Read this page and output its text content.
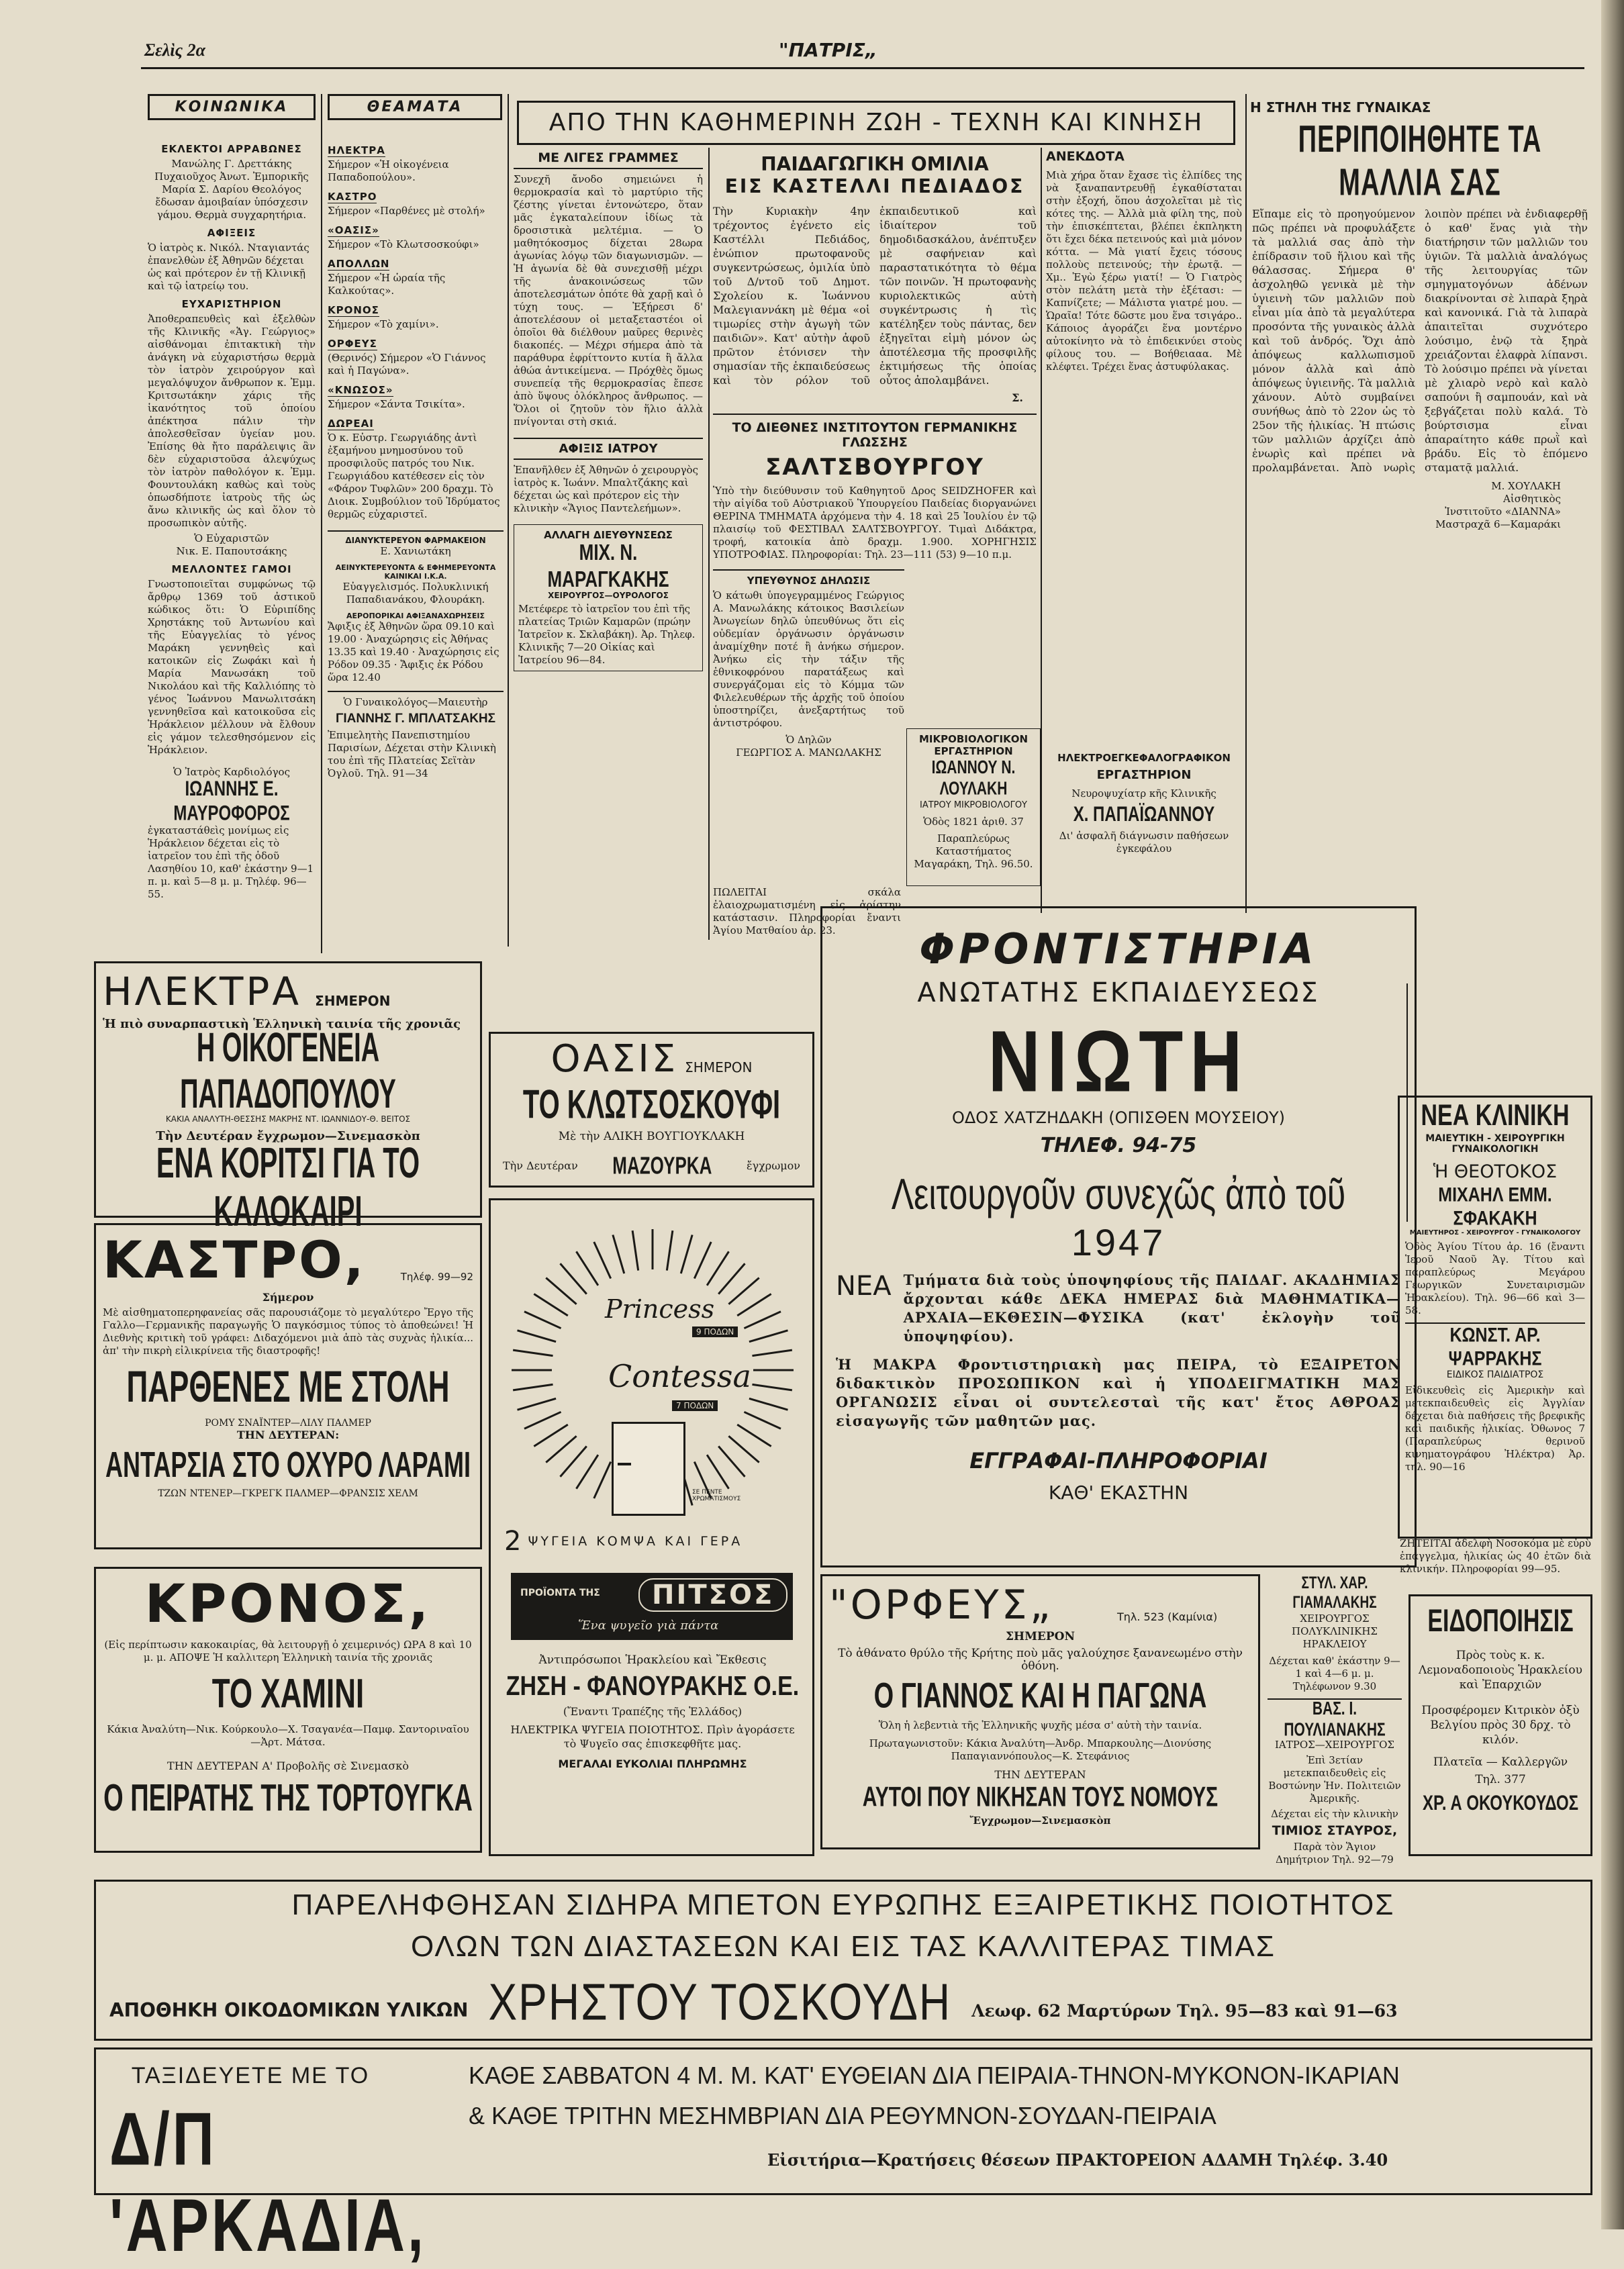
Σελὶς 2α	"ΠΑΤΡΙΣ„
ΚΟΙΝΩΝΙΚΑ	ΘΕΑΜΑΤΑ
ΑΠΟ ΤΗΝ ΚΑΘΗΜΕΡΙΝΗ ΖΩΗ - ΤΕΧΝΗ ΚΑΙ ΚΙΝΗΣΗ
Η ΣΤΗΛΗ ΤΗΣ ΓΥΝΑΙΚΑΣ
ΕΚΛΕΚΤΟΙ ΑΡΡΑΒΩΝΕΣ

Μανώλης Γ. Δρεττάκης Πυχαιοῦχος Ἀνωτ. Ἐμπορικῆς Μαρία Σ. Δαρίου Θεολόγος ἔδωσαν ἀμοιβαίαν ὑπόσχεσιν γάμου. Θερμὰ συγχαρητήρια.

ΑΦΙΞΕΙΣ

Ὁ ἰατρὸς κ. Νικόλ. Νταγιαντάς ἐπανελθὼν ἐξ Ἀθηνῶν δέχεται ὡς καὶ πρότερον ἐν τῇ Κλινικῇ καὶ τῷ ἰατρείῳ του.

ΕΥΧΑΡΙΣΤΗΡΙΟΝ

Ἀποθεραπευθεὶς καὶ ἐξελθὼν τῆς Κλινικῆς «Ἁγ. Γεώργιος» αἰσθάνομαι ἐπιτακτικὴ τὴν ἀνάγκη νὰ εὐχαριστήσω θερμὰ τὸν ἰατρὸν χειρούργον καὶ μεγαλόψυχον ἄνθρωπον κ. Ἐμμ. Κριτσωτάκην χάρις τῆς ἱκανότητος τοῦ ὁποίου ἀπέκτησα πάλιν τὴν ἀπολεσθεῖσαν ὑγείαν μου. Ἐπίσης θὰ ἤτο παράλειψις ἂν δὲν εὐχαριστοῦσα ἀλεψύχως τὸν ἰατρὸν παθολόγον κ. Ἐμμ. Φουντουλάκη καθὼς καὶ τοὺς ὁπωσδήποτε ἰατροὺς τῆς ὡς ἄνω κλινικῆς ὡς καὶ ὅλον τὸ προσωπικὸν αὐτῆς.

Ὁ Εὐχαριστῶν
Νικ. Ε. Παπουτσάκης

ΜΕΛΛΟΝΤΕΣ ΓΑΜΟΙ

Γνωστοποιεῖται συμφώνως τῷ ἄρθρῳ 1369 τοῦ ἀστικοῦ κώδικος ὅτι: Ὁ Εὐριπίδης Χρηστάκης τοῦ Ἀντωνίου καὶ τῆς Εὐαγγελίας τὸ γένος Μαράκη γεννηθεὶς καὶ κατοικῶν εἰς Ζωφάκι καὶ ἡ Μαρία Μανωσάκη τοῦ Νικολάου καὶ τῆς Καλλιόπης τὸ γένος Ἰωάννου Μανωλιτσάκη γεννηθεῖσα καὶ κατοικοῦσα εἰς Ἡράκλειον μέλλουν νὰ ἔλθουν εἰς γάμον τελεσθησόμενον εἰς Ἡράκλειον.

Ὁ Ἰατρὸς Καρδιολόγος

ΙΩΑΝΝΗΣ Ε. ΜΑΥΡΟΦΟΡΟΣ

ἐγκαταστάθεὶς μονίμως εἰς Ἡράκλειον δέχεται εἰς τὸ ἰατρεῖον του ἐπὶ τῆς ὁδοῦ Λασηθίου 10, καθ' ἑκάστην 9—1 π. μ. καὶ 5—8 μ. μ. Τηλέφ. 96—55.

ΗΛΕΚΤΡΑ

Σήμερον «Ἡ οἰκογένεια Παπαδοπούλου».

ΚΑΣΤΡΟ

Σήμερον «Παρθένες μὲ στολή»

«ΟΑΣΙΣ»

Σήμερον «Τὸ Κλωτσοσκούφι»

ΑΠΟΛΛΩΝ

Σήμερον «Ἡ ὡραία τῆς Καλκούτας».

ΚΡΟΝΟΣ

Σήμερον «Τὸ χαμίνι».

ΟΡΦΕΥΣ

(Θερινός) Σήμερον «Ὁ Γιάννος καὶ ἡ Παγώνα».

«ΚΝΩΣΟΣ»

Σήμερον «Σάντα Τσικίτα».

ΔΩΡΕΑΙ

Ὁ κ. Εὐστρ. Γεωργιάδης ἀντὶ ἐξαμήνου μνημοσύνου τοῦ προσφιλοῦς πατρός του Νικ. Γεωργιάδου κατέθεσεν εἰς τὸν «Φάρον Τυφλῶν» 200 δραχμ. Τὸ Διοικ. Συμβούλιον τοῦ Ἱδρύματος θερμῶς εὐχαριστεῖ.

ΔΙΑΝΥΚΤΕΡΕΥΟΝ ΦΑΡΜΑΚΕΙΟΝ
Ε. Χανιωτάκη
ΑΕΙΝΥΚΤΕΡΕΥΟΝΤΑ & ΕΦΗΜΕΡΕΥΟΝΤΑ ΚΑΙΝΙΚΑΙ Ι.Κ.Α.
Εὐαγγελισμός. Πολυκλινική Παπαδιανάκου, Φλουράκη.
ΑΕΡΟΠΟΡΙΚΑΙ ΑΦΙΞΑΝΑΧΩΡΗΣΕΙΣ
Ἄφιξις ἐξ Ἀθηνῶν ὥρα 09.10 καὶ 19.00 · Ἀναχώρησις εἰς Ἀθήνας 13.35 καὶ 19.40 · Ἀναχώρησις εἰς Ρόδον 09.35 · Ἄφιξις ἐκ Ρόδου ὥρα 12.40
Ὁ Γυναικολόγος—Μαιευτὴρ
ΓΙΑΝΝΗΣ Γ. ΜΠΛΑΤΣΑΚΗΣ
Ἐπιμελητὴς Πανεπιστημίου Παρισίων, Δέχεται στὴν Κλινικὴ του ἐπὶ τῆς Πλατείας Σεϊτὰν Ὀγλοῦ. Τηλ. 91—34
ΜΕ ΛΙΓΕΣ ΓΡΑΜΜΕΣ

Συνεχῆ ἄνοδο σημειώνει ἡ θερμοκρασία καὶ τὸ μαρτύριο τῆς ζέστης γίνεται ἐντονώτερο, ὅταν μᾶς ἐγκαταλείπουν ἰδίως τὰ δροσιστικὰ μελτέμια. — Ὁ μαθητόκοσμος δίχεται 28ωρα ἀγωνίας λόγῳ τῶν διαγωνισμῶν. — Ἡ ἀγωνία δὲ θὰ συνεχισθῇ μέχρι τῆς ἀνακοινώσεως τῶν ἀποτελεσμάτων ὁπότε θὰ χαρῇ καὶ ὁ τύχη τους. — Ἐξήρεσι δ' ἀποτελέσουν οἱ μεταξεταστέοι οἱ ὁποῖοι θὰ διέλθουν μαῦρες θερινὲς διακοπές. — Μέχρι σήμερα ἀπὸ τὰ παράθυρα ἐφρίττοντο κυτία ἢ ἄλλα ἀθώα ἀντικείμενα. — Πρόχθὲς ὅμως συνεπείᾳ τῆς θερμοκρασίας ἔπεσε ἀπὸ ὕψους ὁλόκληρος ἄνθρωπος. — Ὅλοι οἱ ζητοῦν τὸν ἥλιο ἀλλὰ πνίγονται στὴ σκιά.

ΑΦΙΞΙΣ ΙΑΤΡΟΥ

Ἐπανῆλθεν ἐξ Ἀθηνῶν ὁ χειρουργὸς ἰατρὸς κ. Ἰωάνν. Μπαλτζάκης καὶ δέχεται ὡς καὶ πρότερον εἰς τὴν κλινικὴν «Ἅγιος Παντελεήμων».

ΑΛΛΑΓΗ ΔΙΕΥΘΥΝΣΕΩΣ
ΜΙΧ. Ν. ΜΑΡΑΓΚΑΚΗΣ
ΧΕΙΡΟΥΡΓΟΣ—ΟΥΡΟΛΟΓΟΣ

Μετέφερε τὸ ἰατρεῖον του ἐπὶ τῆς πλατείας Τριῶν Καμαρῶν (πρώην Ἰατρεῖον κ. Σκλαβάκη). Ἀρ. Τηλεφ. Κλινικῆς 7—20 Οἰκίας καὶ Ἰατρείου 96—84.

ΠΑΙΔΑΓΩΓΙΚΗ ΟΜΙΛΙΑ
ΕΙΣ ΚΑΣΤΕΛΛΙ ΠΕΔΙΑΔΟΣ

Τὴν Κυριακὴν 4ην τρέχοντος ἐγένετο εἰς Καστέλλι Πεδιάδος, ἐνώπιον πρωτοφανοῦς συγκεντρώσεως, ὁμιλία ὑπὸ τοῦ Δ/ντοῦ τοῦ Δημοτ. Σχολείου κ. Ἰωάννου Μαλεγιαννάκη μὲ θέμα «οἱ τιμωρίες στὴν ἀγωγὴ τῶν παιδιῶν». Κατ' αὐτὴν ἀφοῦ πρῶτον ἐτόνισεν τὴν σημασίαν τῆς ἐκπαιδεύσεως καὶ τὸν ρόλον τοῦ ἐκπαιδευτικοῦ καὶ ἰδιαίτερον τοῦ δημοδιδασκάλου, ἀνέπτυξεν μὲ σαφήνειαν καὶ παραστατικότητα τὸ θέμα τῶν ποινῶν. Ἡ πρωτοφανὴς κυριολεκτικῶς αὐτὴ συγκέντρωσις ἡ τὶς κατέληξεν τοὺς πάντας, δεν ἐξηγεῖται εἰμὴ μόνον ὡς ἀποτέλεσμα τῆς προσφιλῆς ἐκτιμήσεως τῆς ὁποίας οὗτος ἀπολαμβάνει.

Σ.
ΤΟ ΔΙΕΘΝΕΣ ΙΝΣΤΙΤΟΥΤΟΝ ΓΕΡΜΑΝΙΚΗΣ ΓΛΩΣΣΗΣ
ΣΑΛΤΣΒΟΥΡΓΟΥ

Ὑπὸ τὴν διεύθυνσιν τοῦ Καθηγητοῦ Δρος SEIDZHOFER καὶ τὴν αἰγίδα τοῦ Αὐστριακοῦ Ὑπουργείου Παιδείας διοργανώνει ΘΕΡΙΝΑ ΤΜΗΜΑΤΑ ἀρχόμενα τὴν 4. 18 καὶ 25 Ἰουλίου ἐν τῷ πλαισίῳ τοῦ ΦΕΣΤΙΒΑΛ ΣΑΛΤΣΒΟΥΡΓΟΥ. Τιμαὶ Διδάκτρα, τροφή, κατοικία ἀπὸ δραχμ. 1.900. ΧΟΡΗΓΗΣΙΣ ΥΠΟΤΡΟΦΙΑΣ. Πληροφορίαι: Τηλ. 23—111 (53) 9—10 π.μ.

ΥΠΕΥΘΥΝΟΣ ΔΗΛΩΣΙΣ

Ὁ κάτωθι ὑπογεγραμμένος Γεώργιος Α. Μανωλάκης κάτοικος Βασιλείων Ἀνωγείων δηλῶ ὑπευθύνως ὅτι εἰς οὐδεμίαν ὀργάνωσιν ὀργάνωσιν ἀναμίχθην ποτέ ἢ ἀνήκω σήμερον. Ἀνήκω εἰς τὴν τάξιν τῆς ἐθνικοφρόνου παρατάξεως καὶ συνεργάζομαι εἰς τὸ Κόμμα τῶν Φιλελευθέρων τῆς ἀρχῆς τοῦ ὁποίου ὑποστηρίζει, ἀνεξαρτήτως τοῦ ἀντιστρόφου.

Ὁ Δηλῶν
ΓΕΩΡΓΙΟΣ Α. ΜΑΝΩΛΑΚΗΣ

ΑΝΕΚΔΟΤΑ

Μιὰ χήρα ὅταν ἔχασε τὶς ἐλπίδες της νὰ ξαναπαντρευθῇ ἐγκαθίσταται στὴν ἐξοχή, ὅπου ἀσχολεῖται μὲ τὶς κότες της. — Ἀλλὰ μιὰ φίλη της, ποὺ τὴν ἐπισκέπτεται, βλέπει ἐκπληκτη ὅτι ἔχει δέκα πετεινούς καὶ μιὰ μόνον κόττα. — Μὰ γιατί ἔχεις τόσους πολλοὺς πετεινούς; τὴν ἐρωτᾷ. — Χμ.. Ἐγὼ ξέρω γιατί! — Ὁ Γιατρὸς στὸν πελάτη μετὰ τὴν ἐξέτασι: — Καπνίζετε; — Μάλιστα γιατρέ μου. — Ὡραῖα! Τότε δῶστε μου ἕνα τσιγάρο.. Κάποιος ἀγοράζει ἕνα μοντέρνο αὐτοκίνητο νὰ τὸ ἐπιδεικνύει στοὺς φίλους του. — Βοήθειααα. Μὲ κλέφτει. Τρέχει ἕνας ἀστυφύλακας.

ΜΙΚΡΟΒΙΟΛΟΓΙΚΟΝ ΕΡΓΑΣΤΗΡΙΟΝ
ΙΩΑΝΝΟΥ Ν. ΛΟΥΛΑΚΗ
ΙΑΤΡΟΥ ΜΙΚΡΟΒΙΟΛΟΓΟΥ
Ὁδὸς 1821 ἀριθ. 37
Παραπλεύρως Καταστήματος Μαγαράκη, Τηλ. 96.50.
ΗΛΕΚΤΡΟΕΓΚΕΦΑΛΟΓΡΑΦΙΚΟΝ
ΕΡΓΑΣΤΗΡΙΟΝ
Νευροψυχίατρ κῆς Κλινικῆς
Χ. ΠΑΠΑΪΩΑΝΝΟΥ
Δι' ἀσφαλῆ διάγνωσιν παθήσεων ἐγκεφάλου

ΠΩΛΕΙΤΑΙ σκάλα ἐλαιοχρωματισμένη εἰς ἀρίστην κατάστασιν. Πληροφορίαι ἔναντι Ἁγίου Ματθαίου ἀρ. 23.

ΠΕΡΙΠΟΙΗΘΗΤΕ ΤΑ ΜΑΛΛΙΑ ΣΑΣ

Εἴπαμε εἰς τὸ προηγούμενον πῶς πρέπει νὰ προφυλάξετε τὰ μαλλιά σας ἀπὸ τὴν ἐπίδρασιν τοῦ ἥλιου καὶ τῆς θάλασσας. Σήμερα θ' ἀσχοληθῶ γενικὰ μὲ τὴν ὑγιεινὴ τῶν μαλλιῶν ποὺ εἶναι μία ἀπὸ τὰ μεγαλύτερα προσόντα τῆς γυναικὸς ἀλλὰ καὶ τοῦ ἀνδρός. Ὅχι ἀπὸ ἀπόψεως καλλωπισμοῦ μόνον ἀλλὰ καὶ ἀπὸ ἀπόψεως ὑγιεινῆς. Τὰ μαλλιὰ χάνουν. Αὐτὸ συμβαίνει συνήθως ἀπὸ τὸ 22ον ὡς τὸ 25ον τῆς ἡλικίας. Ἡ πτώσις τῶν μαλλιῶν ἀρχίζει ἀπὸ ἐνωρὶς καὶ πρέπει νὰ προλαμβάνεται. Ἀπὸ νωρὶς λοιπὸν πρέπει νὰ ἐνδιαφερθῇ ὁ καθ' ἕνας γιὰ τὴν διατήρησιν τῶν μαλλιῶν του ὑγιῶν. Τὰ μαλλιὰ ἀναλόγως τῆς λειτουργίας τῶν σμηγματογόνων ἀδένων διακρίνονται σὲ λιπαρὰ ξηρὰ καὶ κανονικά. Γιὰ τὰ λιπαρὰ ἀπαιτεῖται συχνότερο λούσιμο, ἐνῷ τὰ ξηρὰ χρειάζονται ἐλαφρὰ λίπανσι. Τὸ λούσιμο πρέπει νὰ γίνεται μὲ χλιαρὸ νερὸ καὶ καλὸ σαπούνι ἢ σαμπουάν, καὶ νὰ ξεβγάζεται πολὺ καλά. Τὸ βούρτσισμα εἶναι ἀπαραίτητο κάθε πρωῒ καὶ βράδυ. Εἰς τὸ ἑπόμενο σταματᾷ μαλλιά.

Μ. ΧΟΥΛΑΚΗ
Αἰσθητικὸς
Ἰνστιτοῦτο «ΔΙΑΝΝΑ»
Μαστραχᾶ 6—Καμαράκι

ΗΛΕΚΤΡΑ ΣΗΜΕΡΟΝ
Ἡ πιὸ συναρπαστικὴ Ἑλληνικὴ ταινία τῆς χρονιᾶς
Η ΟΙΚΟΓΕΝΕΙΑ ΠΑΠΑΔΟΠΟΥΛΟΥ
ΚΑΚΙΑ ΑΝΑΛΥΤΗ-ΘΕΣΣΗΣ ΜΑΚΡΗΣ ΝΤ. ΙΩΑΝΝΙΔΟΥ-Θ. ΒΕΙΤΟΣ
Τὴν Δευτέραν ἔγχρωμον—Σινεμασκὸπ
ΕΝΑ ΚΟΡΙΤΣΙ ΓΙΑ ΤΟ ΚΑΛΟΚΑΙΡΙ
ΟΑΣΙΣ ΣΗΜΕΡΟΝ
ΤΟ ΚΛΩΤΣΟΣΚΟΥΦΙ
Μὲ τὴν ΑΛΙΚΗ ΒΟΥΓΙΟΥΚΛΑΚΗ
Τὴν Δευτέραν ΜΑΖΟΥΡΚΑ	ἔγχρωμον
ΚΑΣΤΡΟ,	Τηλέφ. 99—92
Σήμερον

Μὲ αἰσθηματοπερηφανείας σᾶς παρουσιάζομε τὸ μεγαλύτερο Ἔργο τῆς Γαλλο—Γερμανικῆς παραγωγῆς Ὁ παγκόσμιος τύπος τὸ ἀποθεώνει! Ἡ Διεθνὴς κριτικὴ τοῦ γράφει: Διδαχόμενοι μιὰ ἀπὸ τὰς συχνὰς ἠλικία... ἀπ' τὴν πικρὴ εἰλικρίνεια τῆς διαστροφῆς!

ΠΑΡΘΕΝΕΣ ΜΕ ΣΤΟΛΗ
ΡΟΜΥ ΣΝΑΪΝΤΕΡ—ΛΙΛΥ ΠΑΛΜΕΡ
ΤΗΝ ΔΕΥΤΕΡΑΝ:
ΑΝΤΑΡΣΙΑ ΣΤΟ ΟΧΥΡΟ ΛΑΡΑΜΙ
ΤΖΩΝ ΝΤΕΝΕΡ—ΓΚΡΕΓΚ ΠΑΛΜΕΡ—ΦΡΑΝΣΙΣ ΧΕΛΜ
ΚΡΟΝΟΣ,

(Εἰς περίπτωσιν κακοκαιρίας, θὰ λειτουργῇ ὁ χειμερινός) ΩΡΑ 8 καὶ 10 μ. μ. ΑΠΟΨΕ Ἡ καλλιτερη Ἑλληνικὴ ταινία τῆς χρονιᾶς

ΤΟ ΧΑΜΙΝΙ
Κάκια Ἀναλύτη—Νικ. Κούρκουλο—Χ. Τσαγανέα—Παμφ. Σαντοριναῖου—Ἀρτ. Μάτσα.
ΤΗΝ ΔΕΥΤΕΡΑΝ Α' Προβολῆς σὲ Σινεμασκὸ
Ο ΠΕΙΡΑΤΗΣ ΤΗΣ ΤΟΡΤΟΥΓΚΑ
Princess
9 ΠΟΔΩΝ
Contessa
7 ΠΟΔΩΝ
ΣΕ ΠΕΝΤΕ ΧΡΩΜΑΤΙΣΜΟΥΣ
2 ΨΥΓΕΙΑ ΚΟΜΨΑ ΚΑΙ ΓΕΡΑ
ΠΡΟΪΟΝΤΑ ΤΗΣ	ΠΙΤΣΟΣ
Ἕνα ψυγεῖο γιὰ πάντα
Ἀντιπρόσωποι Ἡρακλείου καὶ Ἔκθεσις
ΖΗΣΗ - ΦΑΝΟΥΡΑΚΗΣ Ο.Ε.
(Ἔναντι Τραπέζης τῆς Ἑλλάδος)
ΗΛΕΚΤΡΙΚΑ ΨΥΓΕΙΑ ΠΟΙΟΤΗΤΟΣ. Πρὶν ἀγοράσετε τὸ Ψυγεῖο σας ἐπισκεφθῆτε μας.
ΜΕΓΑΛΑΙ ΕΥΚΟΛΙΑΙ ΠΛΗΡΩΜΗΣ
ΦΡΟΝΤΙΣΤΗΡΙΑ
ΑΝΩΤΑΤΗΣ ΕΚΠΑΙΔΕΥΣΕΩΣ
ΝΙΩΤΗ
ΟΔΟΣ ΧΑΤΖΗΔΑΚΗ (ΟΠΙΣΘΕΝ ΜΟΥΣΕΙΟΥ)
ΤΗΛΕΦ. 94-75
Λειτουργοῦν συνεχῶς ἀπὸ τοῦ
1947
ΝΕΑ Τμήματα διὰ τοὺς ὑποψηφίους τῆς ΠΑΙΔΑΓ. ΑΚΑΔΗΜΙΑΣ ἄρχονται κάθε ΔΕΚΑ ΗΜΕΡΑΣ διὰ ΜΑΘΗΜΑΤΙΚΑ—ΑΡΧΑΙΑ—ΕΚΘΕΣΙΝ—ΦΥΣΙΚΑ (κατ' ἐκλογὴν τοῦ ὑποψηφίου).

Ἡ ΜΑΚΡΑ Φροντιστηριακὴ μας ΠΕΙΡΑ, τὸ ΕΞΑΙΡΕΤΟΝ διδακτικὸν ΠΡΟΣΩΠΙΚΟΝ καὶ ἡ ΥΠΟΔΕΙΓΜΑΤΙΚΗ ΜΑΣ ΟΡΓΑΝΩΣΙΣ εἶναι οἱ συντελεσταὶ τῆς κατ' ἔτος ΑΘΡΟΑΣ εἰσαγωγῆς τῶν μαθητῶν μας.

ΕΓΓΡΑΦΑΙ-ΠΛΗΡΟΦΟΡΙΑΙ
ΚΑΘ' ΕΚΑΣΤΗΝ
"ΟΡΦΕΥΣ„	Τηλ. 523 (Καμίνια)
ΣΗΜΕΡΟΝ

Τὸ ἀθάνατο θρύλο τῆς Κρήτης ποὺ μᾶς γαλούχησε ξανανεωμένο στὴν ὀθόνη.

Ο ΓΙΑΝΝΟΣ ΚΑΙ Η ΠΑΓΩΝΑ

Ὅλη ἡ λεβεντιὰ τῆς Ἑλληνικῆς ψυχῆς μέσα σ' αὐτὴ τὴν ταινία.

Πρωταγωνιστοῦν: Κάκια Ἀναλύτη—Ἀνδρ. Μπαρκουλης—Διονύσης Παπαγιαννόπουλος—Κ. Στεφάνιος

ΤΗΝ ΔΕΥΤΕΡΑΝ
ΑΥΤΟΙ ΠΟΥ ΝΙΚΗΣΑΝ ΤΟΥΣ ΝΟΜΟΥΣ
Ἔγχρωμον—Σινεμασκὸπ
ΝΕΑ ΚΛΙΝΙΚΗ
ΜΑΙΕΥΤΙΚΗ - ΧΕΙΡΟΥΡΓΙΚΗ ΓΥΝΑΙΚΟΛΟΓΙΚΗ
Ἡ ΘΕΟΤΟΚΟΣ
ΜΙΧΑΗΛ ΕΜΜ. ΣΦΑΚΑΚΗ
ΜΑΙΕΥΤΗΡΟΣ - ΧΕΙΡΟΥΡΓΟΥ - ΓΥΝΑΙΚΟΛΟΓΟΥ

Ὁδὸς Ἁγίου Τίτου ἀρ. 16 (ἔναντι Ἱεροῦ Ναοῦ Ἁγ. Τίτου καὶ παραπλεύρως Μεγάρου Γεωργικῶν Συνεταιρισμῶν Ἡρακλείου). Τηλ. 96—66 καὶ 3—58.

ΚΩΝΣΤ. ΑΡ. ΨΑΡΡΑΚΗΣ
ΕΙΔΙΚΟΣ ΠΑΙΔΙΑΤΡΟΣ

Εἰδικευθεὶς εἰς Ἀμερικὴν καὶ μετεκπαιδευθεὶς εἰς Ἀγγλίαν δέχεται διὰ παθήσεις τῆς βρεφικῆς καὶ παιδικῆς ἡλικίας. Ὀθωνος 7 (Παραπλεύρως θερινοῦ κινηματογράφου Ἠλέκτρα) Ἀρ. τηλ. 90—16

ΖΗΤΕΙΤΑΙ ἀδελφὴ Νοσοκόμα μὲ εὐρὺ ἐπάγγελμα, ἡλικίας ὡς 40 ἐτῶν διὰ κλινικήν. Πληροφορίαι 99—95.

ΣΤΥΛ. ΧΑΡ. ΓΙΑΜΑΛΑΚΗΣ
ΧΕΙΡΟΥΡΓΟΣ ΠΟΛΥΚΛΙΝΙΚΗΣ ΗΡΑΚΛΕΙΟΥ

Δέχεται καθ' ἑκάστην 9—1 καὶ 4—6 μ. μ. Τηλέφωνον 9.30

ΒΑΣ. Ι. ΠΟΥΛΙΑΝΑΚΗΣ
ΙΑΤΡΟΣ—ΧΕΙΡΟΥΡΓΟΣ

Ἐπὶ 3ετίαν μετεκπαιδευθεὶς εἰς Βοστώνην Ἡν. Πολιτειῶν Ἀμερικῆς.

Δέχεται εἰς τὴν κλινικὴν

ΤΙΜΙΟΣ ΣΤΑΥΡΟΣ,

Παρὰ τὸν Ἅγιον Δημήτριον Τηλ. 92—79

ΕΙΔΟΠΟΙΗΣΙΣ

Πρὸς τοὺς κ. κ. Λεμοναδοποιοὺς Ἡρακλείου καὶ Ἐπαρχιῶν

Προσφέρομεν Κιτρικὸν ὀξὺ Βελγίου πρὸς 30 δρχ. τὸ κιλόν.

Πλατεῖα — Καλλεργῶν
Τηλ. 377
ΧΡ. Α ΟΚΟΥΚΟΥΔΟΣ
ΠΑΡΕΛΗΦΘΗΣΑΝ ΣΙΔΗΡΑ ΜΠΕΤΟΝ ΕΥΡΩΠΗΣ ΕΞΑΙΡΕΤΙΚΗΣ ΠΟΙΟΤΗΤΟΣ
ΟΛΩΝ ΤΩΝ ΔΙΑΣΤΑΣΕΩΝ ΚΑΙ ΕΙΣ ΤΑΣ ΚΑΛΛΙΤΕΡΑΣ ΤΙΜΑΣ
ΑΠΟΘΗΚΗ ΟΙΚΟΔΟΜΙΚΩΝ ΥΛΙΚΩΝ ΧΡΗΣΤΟΥ ΤΟΣΚΟΥΔΗ Λεωφ. 62 Μαρτύρων Τηλ. 95—83 καὶ 91—63
ΤΑΞΙΔΕΥΕΤΕ ΜΕ ΤΟ
Δ/Π 'ΑΡΚΑΔΙΑ,
ΚΑΘΕ ΣΑΒΒΑΤΟΝ 4 Μ. Μ. ΚΑΤ' ΕΥΘΕΙΑΝ ΔΙΑ ΠΕΙΡΑΙΑ-ΤΗΝΟΝ-ΜΥΚΟΝΟΝ-ΙΚΑΡΙΑΝ
& ΚΑΘΕ ΤΡΙΤΗΝ ΜΕΣΗΜΒΡΙΑΝ ΔΙΑ ΡΕΘΥΜΝΟΝ-ΣΟΥΔΑΝ-ΠΕΙΡΑΙΑ
Εἰσιτήρια—Κρατήσεις θέσεων ΠΡΑΚΤΟΡΕΙΟΝ ΑΔΑΜΗ Τηλέφ. 3.40
